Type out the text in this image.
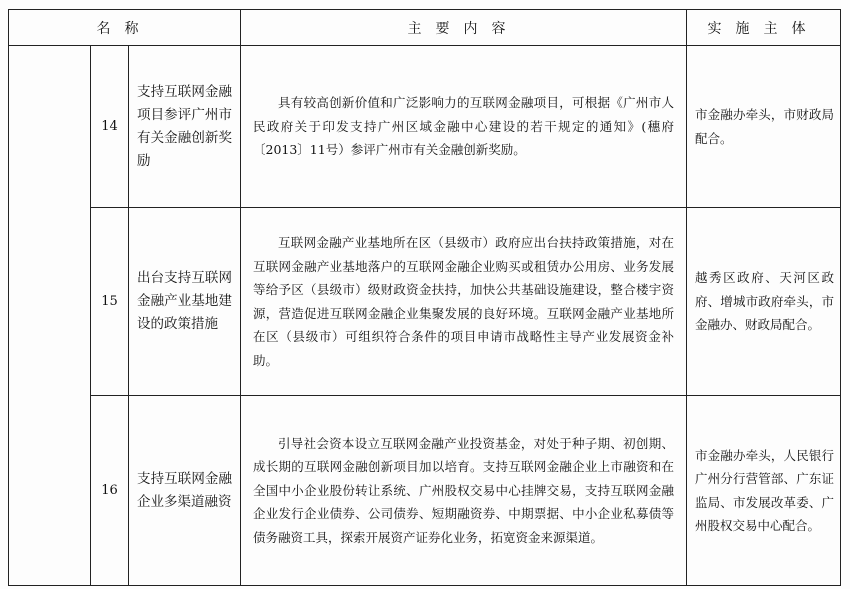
名称			主要内容	实施主体
	14	支持互联网金融项目参评广州市有关金融创新奖励	具有较高创新价值和广泛影响力的互联网金融项目，可根据《广州市人民政府关于印发支持广州区域金融中心建设的若干规定的通知》(穗府〔2013〕11号）参评广州市有关金融创新奖励。	市金融办牵头，市财政局配合。
	15	出台支持互联网金融产业基地建设的政策措施	互联网金融产业基地所在区（县级市）政府应出台扶持政策措施，对在互联网金融产业基地落户的互联网金融企业购买或租赁办公用房、业务发展等给予区（县级市）级财政资金扶持，加快公共基础设施建设，整合楼宇资源，营造促进互联网金融企业集聚发展的良好环境。互联网金融产业基地所在区（县级市）可组织符合条件的项目申请市战略性主导产业发展资金补助。	越秀区政府、天河区政府、增城市政府牵头，市金融办、财政局配合。
	16	支持互联网金融企业多渠道融资	引导社会资本设立互联网金融产业投资基金，对处于种子期、初创期、成长期的互联网金融创新项目加以培育。支持互联网金融企业上市融资和在全国中小企业股份转让系统、广州股权交易中心挂牌交易，支持互联网金融企业发行企业债券、公司债券、短期融资券、中期票据、中小企业私募债等债务融资工具，探索开展资产证券化业务，拓宽资金来源渠道。	市金融办牵头，人民银行广州分行营管部、广东证监局、市发展改革委、广州股权交易中心配合。
